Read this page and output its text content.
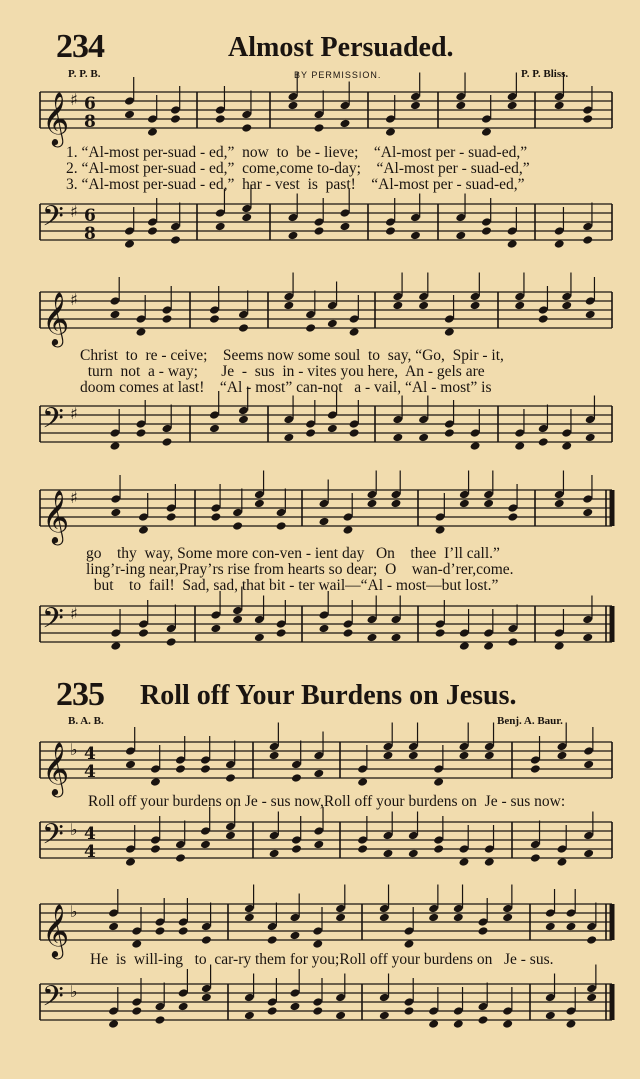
234	Almost Persuaded.
P. P. B.	BY PERMISSION.	P. P. Bliss.
𝄞 ♯ 6
8
1. “Al-most per-suad - ed,”  now  to  be - lieve;    “Al-most per - suad-ed,”
2. “Al-most per-suad - ed,”  come,come to-day;    “Al-most per - suad-ed,”
3. “Al-most per-suad - ed,”  har - vest  is  past!    “Al-most per - suad-ed,”
𝄢 ♯ 6
8
𝄞 ♯
Christ  to  re - ceive;    Seems now some soul  to  say, “Go,  Spir - it,
turn  not  a - way;      Je  -  sus  in - vites you here,  An - gels are
doom comes at last!    “Al - most” can-not   a - vail, “Al - most” is
𝄢 ♯
𝄞 ♯
go    thy  way, Some more con-ven - ient day   On    thee  I’ll call.”
ling’r-ing near,Pray’rs rise from hearts so dear;  O    wan-d’rer,come.
but    to  fail!  Sad, sad, that bit - ter wail—“Al - most—but lost.”
𝄢 ♯
235 Roll off Your Burdens on Jesus.
B. A. B.	Benj. A. Baur.
𝄞 ♭ 4
4
Roll off your burdens on Je - sus now,Roll off your burdens on  Je - sus now:
𝄢 ♭ 4
4
𝄞 ♭
He  is  will-ing   to  car-ry them for you;Roll off your burdens on   Je - sus.
𝄢 ♭
